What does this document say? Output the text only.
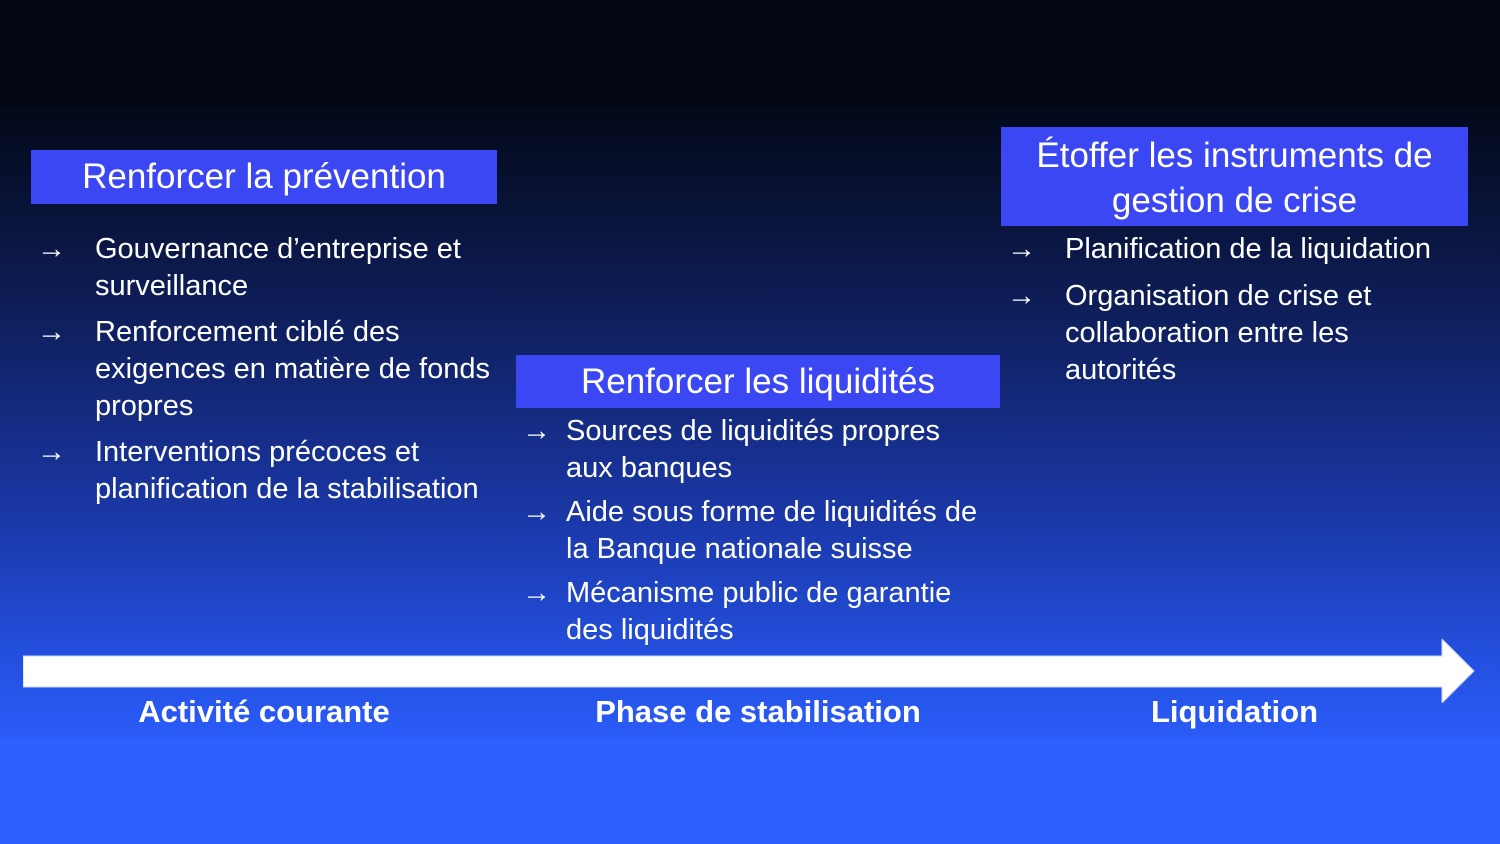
Renforcer la prévention
→ Gouvernance d’entreprise et surveillance
→ Renforcement ciblé des exigences en matière de fonds propres
→ Interventions précoces et planification de la stabilisation
Renforcer les liquidités
→ Sources de liquidités propres aux banques
→ Aide sous forme de liquidités de la Banque nationale suisse
→ Mécanisme public de garantie des liquidités
Étoffer les instruments de gestion de crise
→ Planification de la liquidation
→ Organisation de crise et collaboration entre les autorités
Activité courante	Phase de stabilisation	Liquidation
